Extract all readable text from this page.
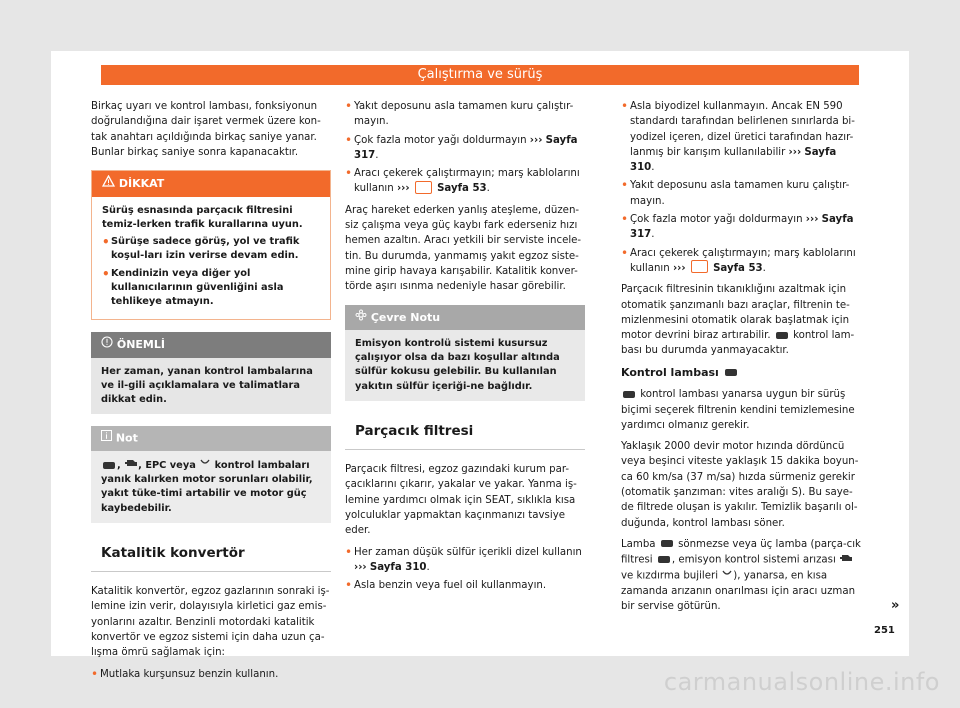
Çalıştırma ve sürüş

Birkaç uyarı ve kontrol lambası, fonksiyonun doğrulandığına dair işaret vermek üzere kon-tak anahtarı açıldığında birkaç saniye yanar. Bunlar birkaç saniye sonra kapanacaktır.

DİKKAT
Sürüş esnasında parçacık filtresini temiz-lerken trafik kurallarına uyun.
• Sürüşe sadece görüş, yol ve trafik koşul-ları izin verirse devam edin.
• Kendinizin veya diğer yol kullanıcılarının güvenliğini asla tehlikeye atmayın.
ÖNEMLİ
Her zaman, yanan kontrol lambalarına ve il-gili açıklamalara ve talimatlara dikkat edin.
Not
, , EPC veya kontrol lambaları yanık kalırken motor sorunları olabilir, yakıt tüke-timi artabilir ve motor güç kaybedebilir.
Katalitik konvertör

Katalitik konvertör, egzoz gazlarının sonraki iş-lemine izin verir, dolayısıyla kirletici gaz emis-yonlarını azaltır. Benzinli motordaki katalitik konvertör ve egzoz sistemi için daha uzun ça-lışma ömrü sağlamak için:

• Mutlaka kurşunsuz benzin kullanın.
• Yakıt deposunu asla tamamen kuru çalıştır-mayın.
• Çok fazla motor yağı doldurmayın ››› Sayfa 317.
• Aracı çekerek çalıştırmayın; marş kablolarını kullanın ›››	Sayfa 53.

Araç hareket ederken yanlış ateşleme, düzen-siz çalışma veya güç kaybı fark ederseniz hızı hemen azaltın. Aracı yetkili bir serviste incele-tin. Bu durumda, yanmamış yakıt egzoz siste-mine girip havaya karışabilir. Katalitik konver-törde aşırı ısınma nedeniyle hasar görebilir.

Çevre Notu
Emisyon kontrolü sistemi kusursuz çalışıyor olsa da bazı koşullar altında sülfür kokusu gelebilir. Bu kullanılan yakıtın sülfür içeriği-ne bağlıdır.
Parçacık filtresi

Parçacık filtresi, egzoz gazındaki kurum par-çacıklarını çıkarır, yakalar ve yakar. Yanma iş-lemine yardımcı olmak için SEAT, sıklıkla kısa yolculuklar yapmaktan kaçınmanızı tavsiye eder.

• Her zaman düşük sülfür içerikli dizel kullanın
››› Sayfa 310.
• Asla benzin veya fuel oil kullanmayın.
• Asla biyodizel kullanmayın. Ancak EN 590 standardı tarafından belirlenen sınırlarda bi-yodizel içeren, dizel üretici tarafından hazır-lanmış bir karışım kullanılabilir ››› Sayfa 310.
• Yakıt deposunu asla tamamen kuru çalıştır-mayın.
• Çok fazla motor yağı doldurmayın ››› Sayfa 317.
• Aracı çekerek çalıştırmayın; marş kablolarını kullanın ›››	Sayfa 53.

Parçacık filtresinin tıkanıklığını azaltmak için otomatik şanzımanlı bazı araçlar, filtrenin te-mizlenmesini otomatik olarak başlatmak için motor devrini biraz artırabilir. kontrol lam-bası bu durumda yanmayacaktır.

Kontrol lambası

kontrol lambası yanarsa uygun bir sürüş biçimi seçerek filtrenin kendini temizlemesine yardımcı olmanız gerekir.

Yaklaşık 2000 devir motor hızında dördüncü veya beşinci viteste yaklaşık 15 dakika boyun-ca 60 km/sa (37 m/sa) hızda sürmeniz gerekir (otomatik şanzıman: vites aralığı S). Bu saye-de filtrede oluşan is yakılır. Temizlik başarılı ol-duğunda, kontrol lambası söner.

Lamba sönmezse veya üç lamba (parça-cık filtresi , emisyon kontrol sistemi arızası  ve kızdırma bujileri ), yanarsa, en kısa zamanda arızanın onarılması için aracı uzman bir servise götürün.	»
251
carmanualsonline.info
